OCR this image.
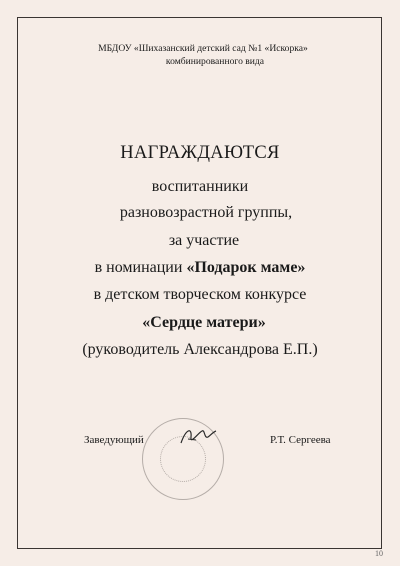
МБДОУ «Шихазанский детский сад №1 «Искорка»
комбинированного вида
НАГРАЖДАЮТСЯ
воспитанники
разновозрастной группы,
за участие
в номинации «Подарок маме»
в детском творческом конкурсе
«Сердце матери»
(руководитель Александрова Е.П.)
Заведующий	Р.Т. Сергеева
10
